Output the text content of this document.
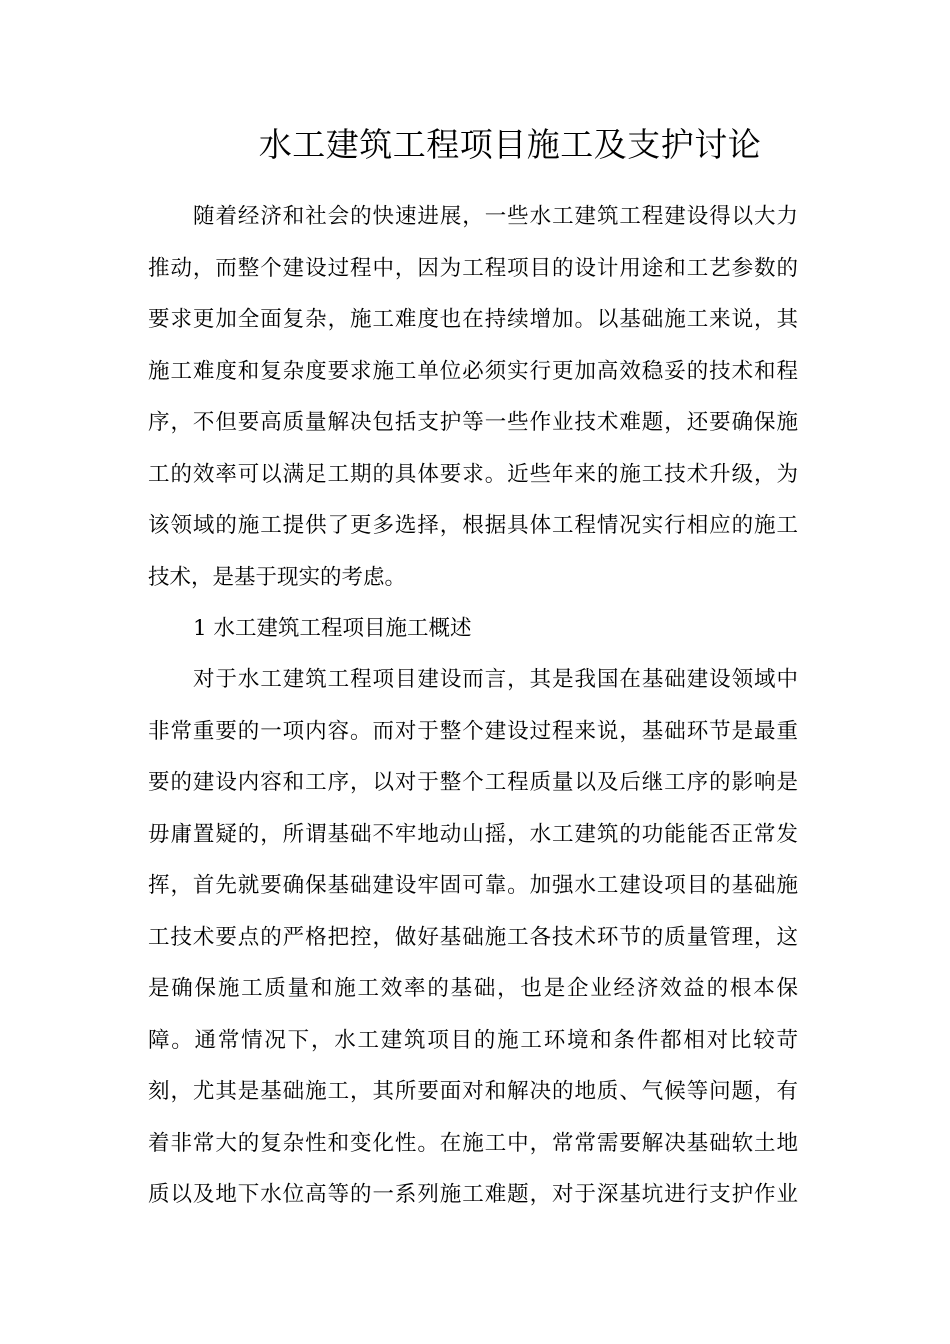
水工建筑工程项目施工及支护讨论
随着经济和社会的快速进展，一些水工建筑工程建设得以大力
推动，而整个建设过程中，因为工程项目的设计用途和工艺参数的
要求更加全面复杂，施工难度也在持续增加。以基础施工来说，其
施工难度和复杂度要求施工单位必须实行更加高效稳妥的技术和程
序，不但要高质量解决包括支护等一些作业技术难题，还要确保施
工的效率可以满足工期的具体要求。近些年来的施工技术升级，为
该领域的施工提供了更多选择，根据具体工程情况实行相应的施工
技术，是基于现实的考虑。
1 水工建筑工程项目施工概述
对于水工建筑工程项目建设而言，其是我国在基础建设领域中
非常重要的一项内容。而对于整个建设过程来说，基础环节是最重
要的建设内容和工序，以对于整个工程质量以及后继工序的影响是
毋庸置疑的，所谓基础不牢地动山摇，水工建筑的功能能否正常发
挥，首先就要确保基础建设牢固可靠。加强水工建设项目的基础施
工技术要点的严格把控，做好基础施工各技术环节的质量管理，这
是确保施工质量和施工效率的基础，也是企业经济效益的根本保
障。通常情况下，水工建筑项目的施工环境和条件都相对比较苛
刻，尤其是基础施工，其所要面对和解决的地质、气候等问题，有
着非常大的复杂性和变化性。在施工中，常常需要解决基础软土地
质以及地下水位高等的一系列施工难题，对于深基坑进行支护作业
